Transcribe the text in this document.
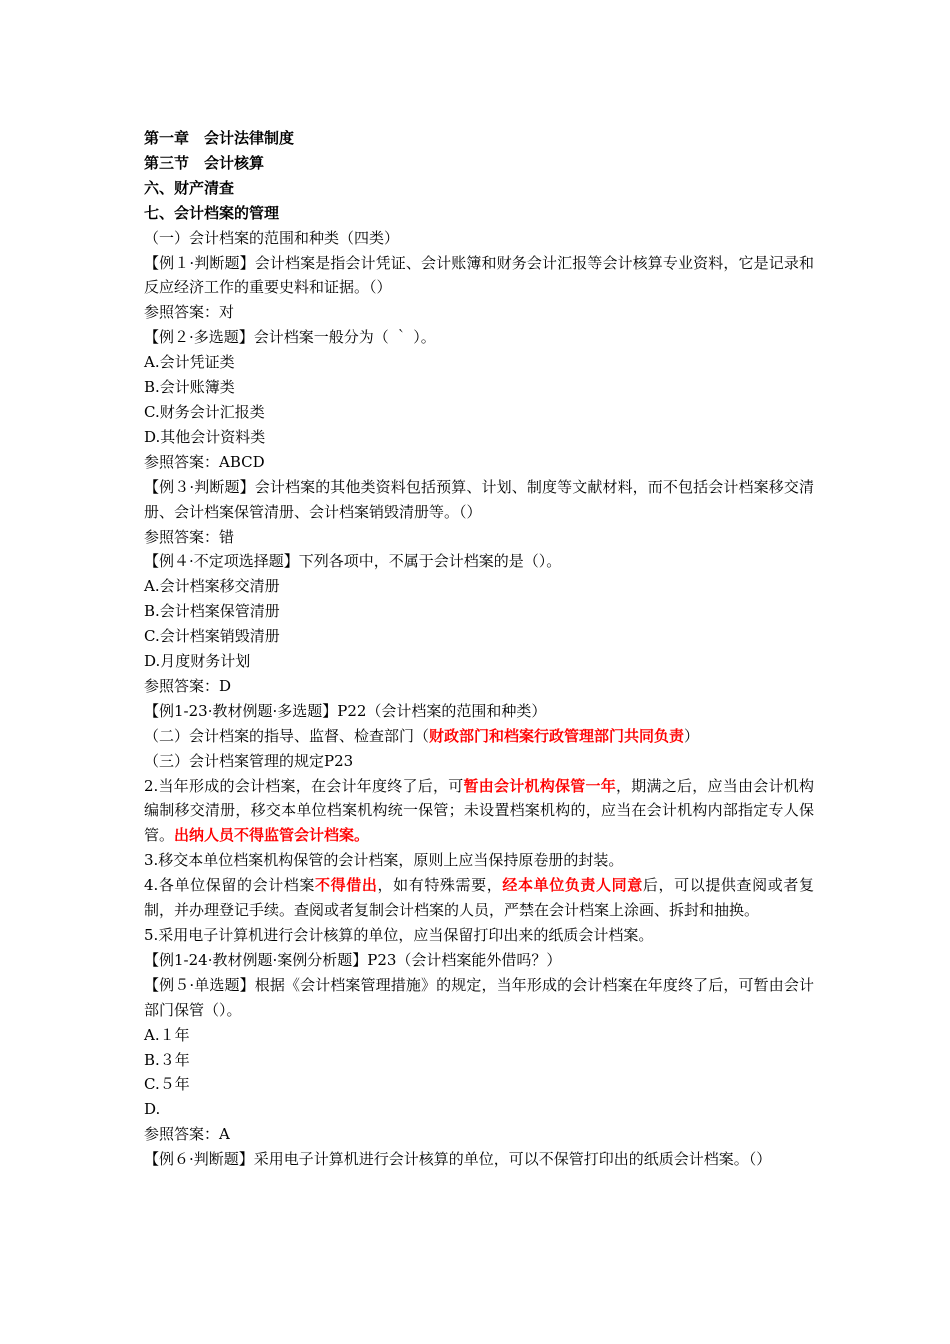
第一章　会计法律制度

第三节　会计核算

六、财产清查

七、会计档案的管理

（一）会计档案的范围和种类（四类）

【例１·判断题】会计档案是指会计凭证、会计账簿和财务会计汇报等会计核算专业资料，它是记录和反应经济工作的重要史料和证据。（）

参照答案：对

【例２·多选题】会计档案一般分为（ ｀ ）。

A.会计凭证类

B.会计账簿类

C.财务会计汇报类

D.其他会计资料类

参照答案：ABCD

【例３·判断题】会计档案的其他类资料包括预算、计划、制度等文献材料，而不包括会计档案移交清册、会计档案保管清册、会计档案销毁清册等。（）

参照答案：错

【例４·不定项选择题】下列各项中，不属于会计档案的是（）。

A.会计档案移交清册

B.会计档案保管清册

C.会计档案销毁清册

D.月度财务计划

参照答案：D

【例1-23·教材例题·多选题】P22（会计档案的范围和种类）

（二）会计档案的指导、监督、检查部门（财政部门和档案行政管理部门共同负责）

（三）会计档案管理的规定P23

2.当年形成的会计档案，在会计年度终了后，可暂由会计机构保管一年，期满之后，应当由会计机构编制移交清册，移交本单位档案机构统一保管；未设置档案机构的，应当在会计机构内部指定专人保管。出纳人员不得监管会计档案。

3.移交本单位档案机构保管的会计档案，原则上应当保持原卷册的封装。

4.各单位保留的会计档案不得借出，如有特殊需要，经本单位负责人同意后，可以提供查阅或者复制，并办理登记手续。查阅或者复制会计档案的人员，严禁在会计档案上涂画、拆封和抽换。

5.采用电子计算机进行会计核算的单位，应当保留打印出来的纸质会计档案。

【例1-24·教材例题·案例分析题】P23（会计档案能外借吗？）

【例５·单选题】根据《会计档案管理措施》的规定，当年形成的会计档案在年度终了后，可暂由会计部门保管（）。

A.１年

B.３年

C.５年

D.

参照答案：A

【例６·判断题】采用电子计算机进行会计核算的单位，可以不保管打印出的纸质会计档案。（）
